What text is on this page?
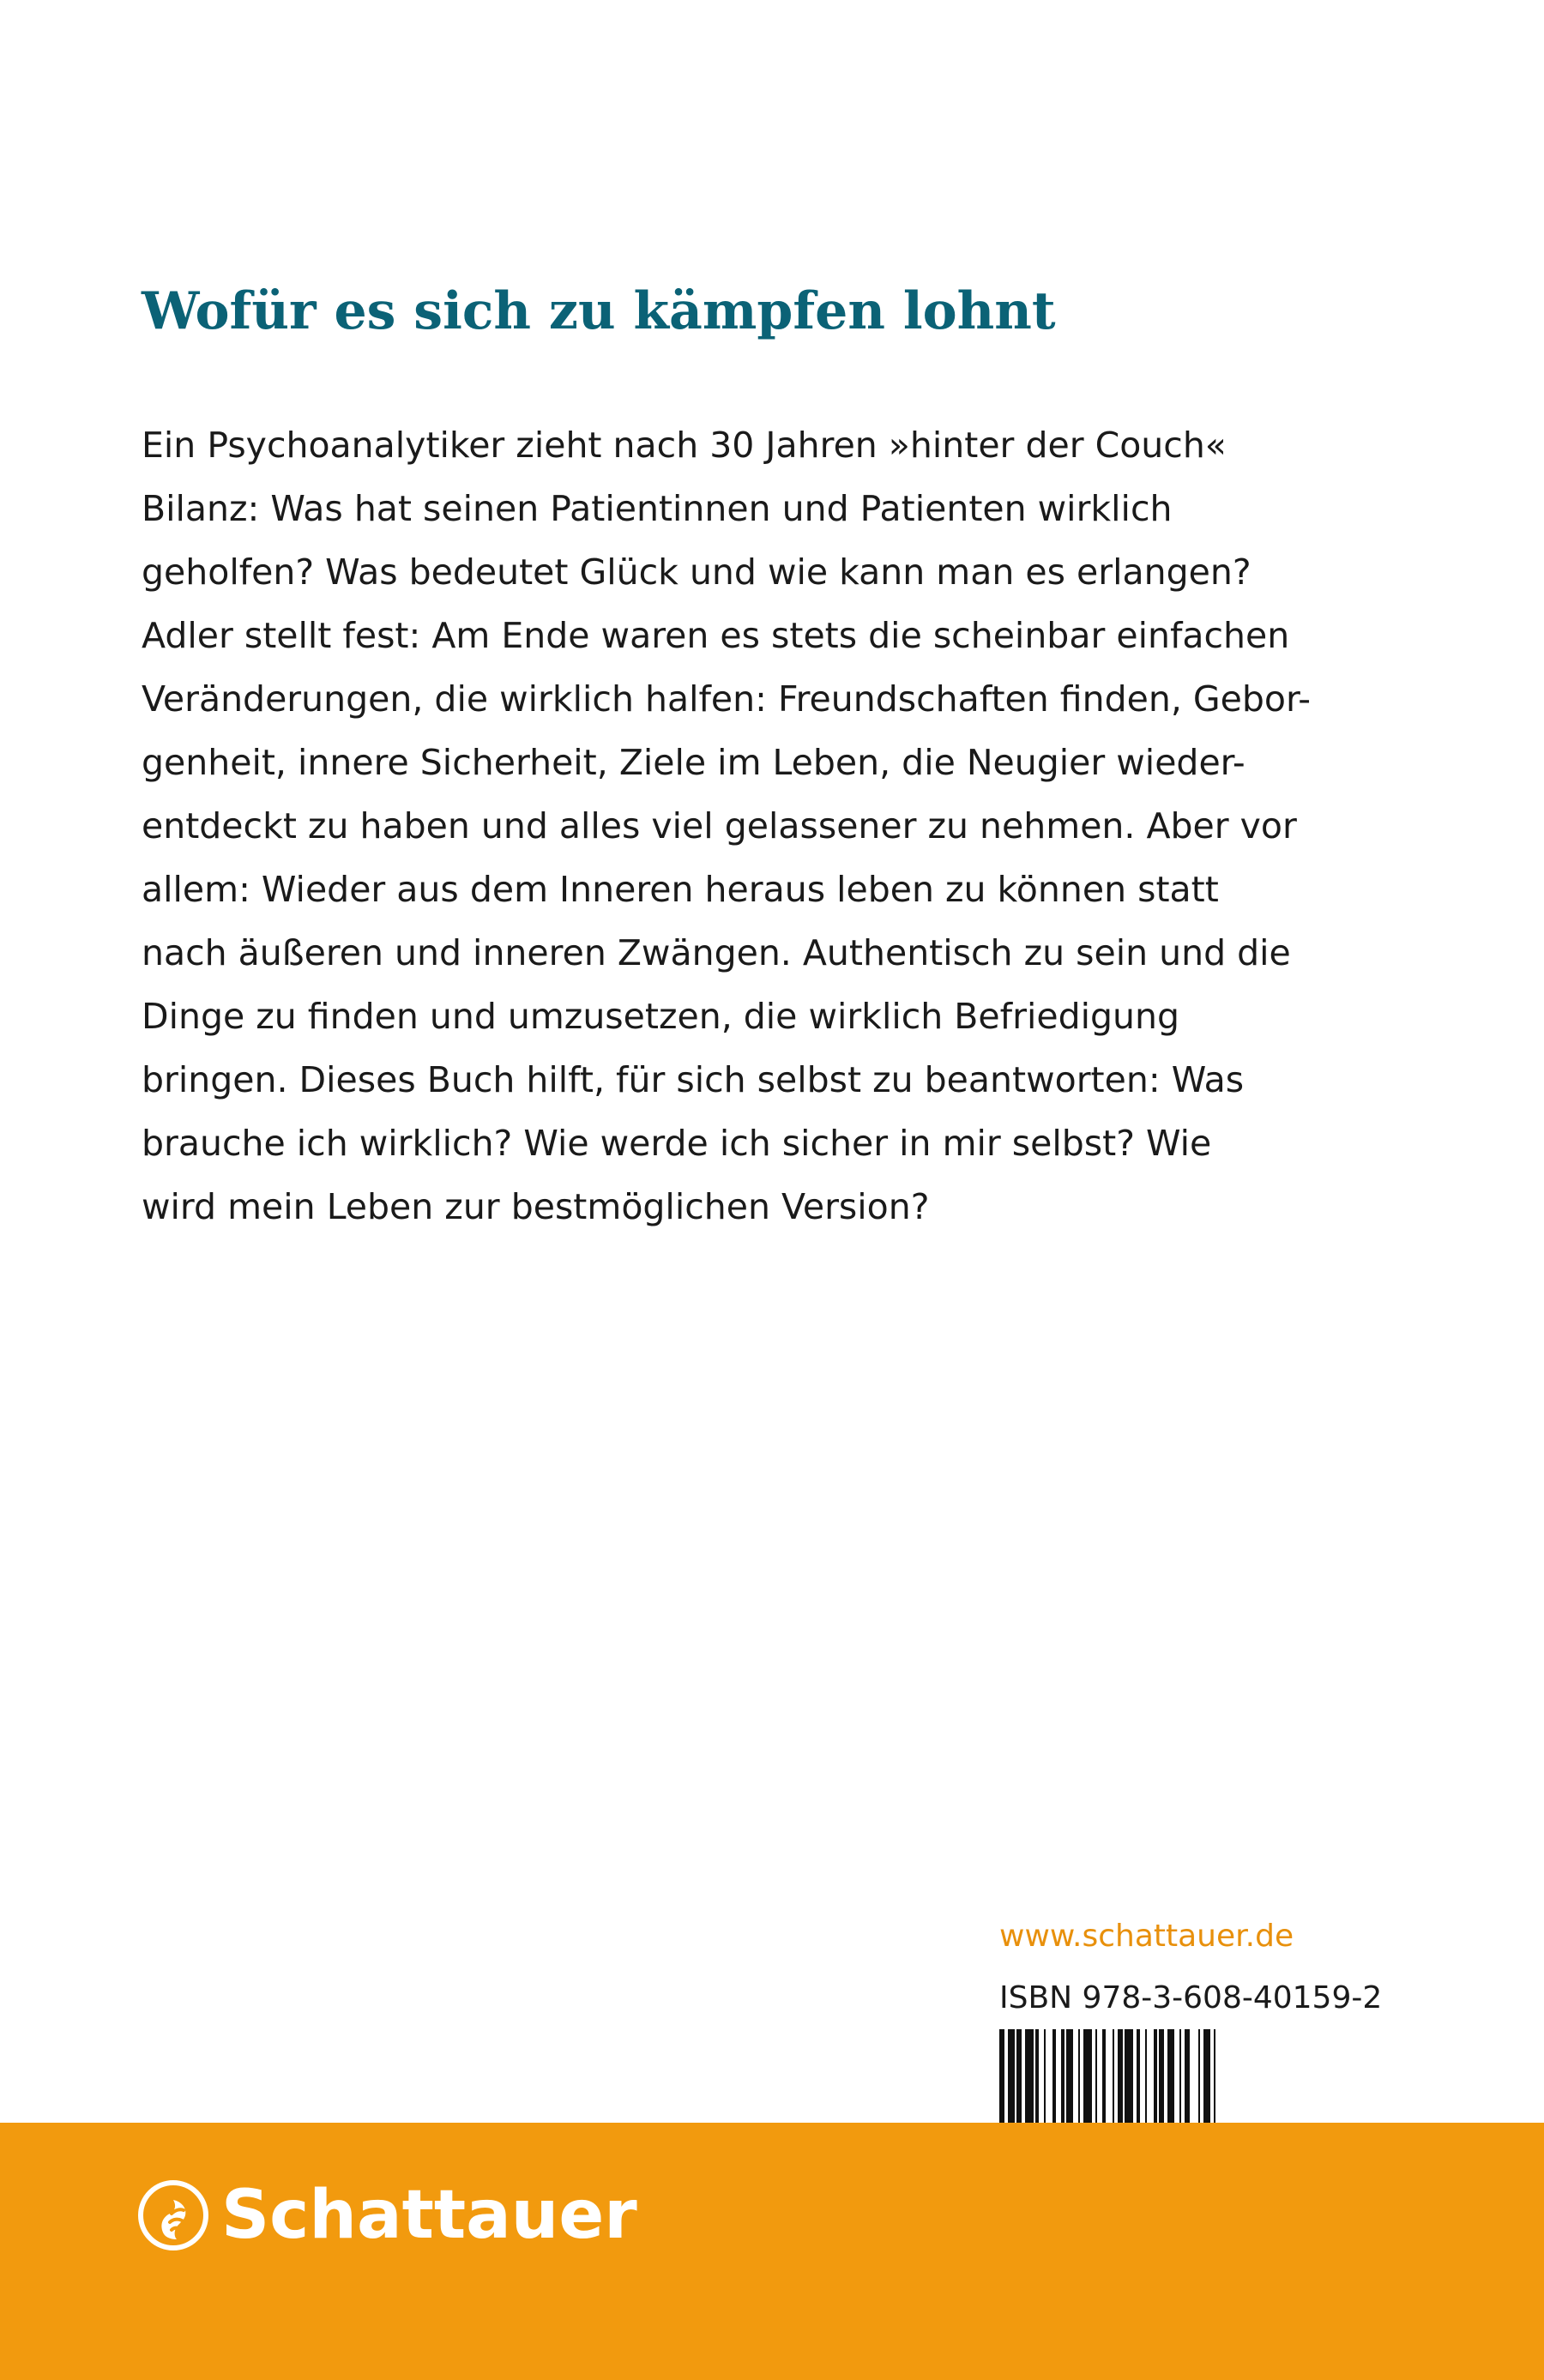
Wofür es sich zu kämpfen lohnt
Ein Psychoanalytiker zieht nach 30 Jahren »hinter der Couch«
Bilanz: Was hat seinen Patientinnen und Patienten wirklich
geholfen? Was bedeutet Glück und wie kann man es erlangen?
Adler stellt fest: Am Ende waren es stets die scheinbar einfachen
Veränderungen, die wirklich halfen: Freundschaften finden, Gebor-
genheit, innere Sicherheit, Ziele im Leben, die Neugier wieder-
entdeckt zu haben und alles viel gelassener zu nehmen. Aber vor
allem: Wieder aus dem Inneren heraus leben zu können statt
nach äußeren und inneren Zwängen. Authentisch zu sein und die
Dinge zu finden und umzusetzen, die wirklich Befriedigung
bringen. Dieses Buch hilft, für sich selbst zu beantworten: Was
brauche ich wirklich? Wie werde ich sicher in mir selbst? Wie
wird mein Leben zur bestmöglichen Version?
www.schattauer.de
ISBN 978-3-608-40159-2
Schattauer
